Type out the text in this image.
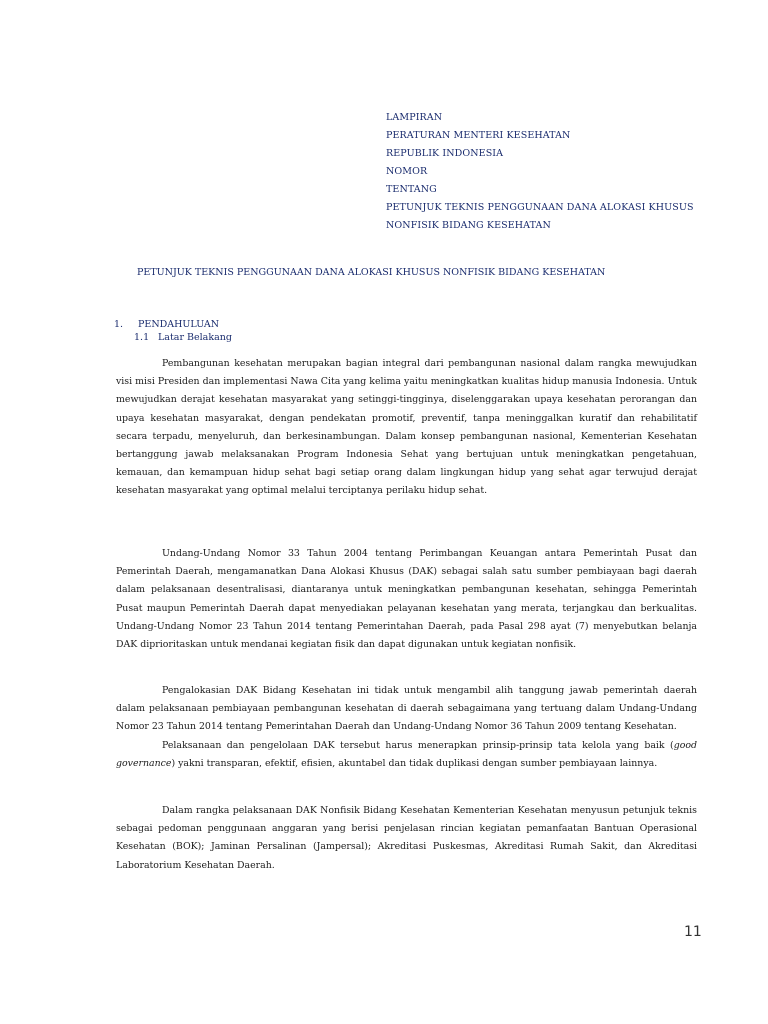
LAMPIRAN
PERATURAN MENTERI KESEHATAN
REPUBLIK INDONESIA
NOMOR
TENTANG
PETUNJUK TEKNIS PENGGUNAAN DANA ALOKASI KHUSUS
NONFISIK BIDANG KESEHATAN
PETUNJUK TEKNIS PENGGUNAAN DANA ALOKASI KHUSUS NONFISIK BIDANG KESEHATAN
1. PENDAHULUAN
1.1 Latar Belakang

Pembangunan kesehatan merupakan bagian integral dari pembangunan nasional dalam rangka mewujudkan visi misi Presiden dan implementasi Nawa Cita yang kelima yaitu meningkatkan kualitas hidup manusia Indonesia. Untuk mewujudkan derajat kesehatan masyarakat yang setinggi-tingginya, diselenggarakan upaya kesehatan perorangan dan upaya kesehatan masyarakat, dengan pendekatan promotif, preventif, tanpa meninggalkan kuratif dan rehabilitatif secara terpadu, menyeluruh, dan berkesinambungan. Dalam konsep pembangunan nasional, Kementerian Kesehatan bertanggung jawab melaksanakan Program Indonesia Sehat yang bertujuan untuk meningkatkan pengetahuan, kemauan, dan kemampuan hidup sehat bagi setiap orang dalam lingkungan hidup yang sehat agar terwujud derajat kesehatan masyarakat yang optimal melalui terciptanya perilaku hidup sehat.

Undang-Undang Nomor 33 Tahun 2004 tentang Perimbangan Keuangan antara Pemerintah Pusat dan Pemerintah Daerah, mengamanatkan Dana Alokasi Khusus (DAK) sebagai salah satu sumber pembiayaan bagi daerah dalam pelaksanaan desentralisasi, diantaranya untuk meningkatkan pembangunan kesehatan, sehingga Pemerintah Pusat maupun Pemerintah Daerah dapat menyediakan pelayanan kesehatan yang merata, terjangkau dan berkualitas. Undang-Undang Nomor 23 Tahun 2014 tentang Pemerintahan Daerah, pada Pasal 298 ayat (7) menyebutkan belanja DAK diprioritaskan untuk mendanai kegiatan fisik dan dapat digunakan untuk kegiatan nonfisik.

Pengalokasian DAK Bidang Kesehatan ini tidak untuk mengambil alih tanggung jawab pemerintah daerah dalam pelaksanaan pembiayaan pembangunan kesehatan di daerah sebagaimana yang tertuang dalam Undang-Undang Nomor 23 Tahun 2014 tentang Pemerintahan Daerah dan Undang-Undang Nomor 36 Tahun 2009 tentang Kesehatan.

Pelaksanaan dan pengelolaan DAK tersebut harus menerapkan prinsip-prinsip tata kelola yang baik (good governance) yakni transparan, efektif, efisien, akuntabel dan tidak duplikasi dengan sumber pembiayaan lainnya.

Dalam rangka pelaksanaan DAK Nonfisik Bidang Kesehatan Kementerian Kesehatan menyusun petunjuk teknis sebagai pedoman penggunaan anggaran yang berisi penjelasan rincian kegiatan pemanfaatan Bantuan Operasional Kesehatan (BOK); Jaminan Persalinan (Jampersal); Akreditasi Puskesmas, Akreditasi Rumah Sakit, dan Akreditasi Laboratorium Kesehatan Daerah.

11
